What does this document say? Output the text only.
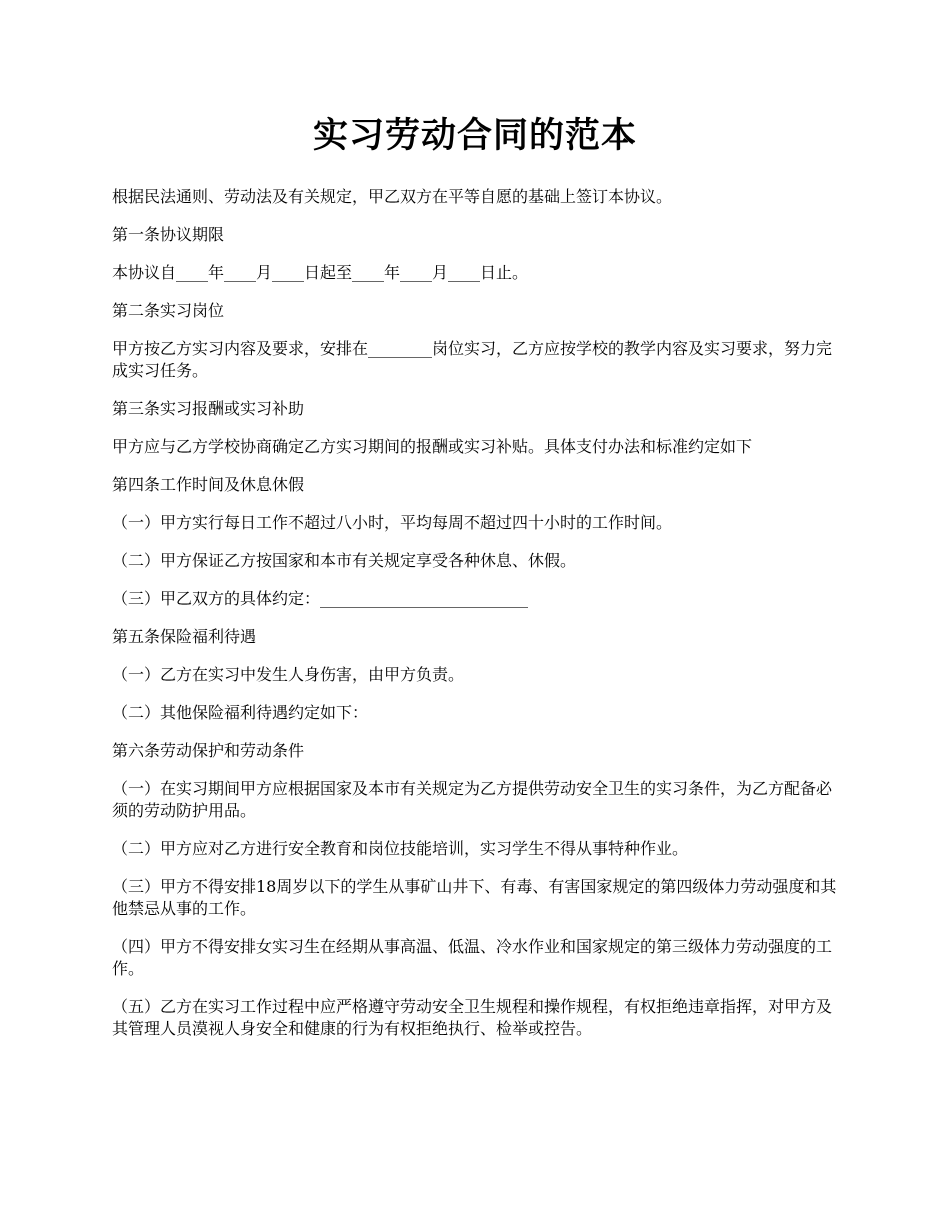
实习劳动合同的范本

根据民法通则、劳动法及有关规定，甲乙双方在平等自愿的基础上签订本协议。

第一条协议期限

本协议自____年____月____日起至____年____月____日止。

第二条实习岗位

甲方按乙方实习内容及要求，安排在________岗位实习，乙方应按学校的教学内容及实习要求，努力完成实习任务。

第三条实习报酬或实习补助

甲方应与乙方学校协商确定乙方实习期间的报酬或实习补贴。具体支付办法和标准约定如下

第四条工作时间及休息休假

（一）甲方实行每日工作不超过八小时，平均每周不超过四十小时的工作时间。

（二）甲方保证乙方按国家和本市有关规定享受各种休息、休假。

（三）甲乙双方的具体约定：__________________________

第五条保险福利待遇

（一）乙方在实习中发生人身伤害，由甲方负责。

（二）其他保险福利待遇约定如下：

第六条劳动保护和劳动条件

（一）在实习期间甲方应根据国家及本市有关规定为乙方提供劳动安全卫生的实习条件，为乙方配备必须的劳动防护用品。

（二）甲方应对乙方进行安全教育和岗位技能培训，实习学生不得从事特种作业。

（三）甲方不得安排18周岁以下的学生从事矿山井下、有毒、有害国家规定的第四级体力劳动强度和其他禁忌从事的工作。

（四）甲方不得安排女实习生在经期从事高温、低温、冷水作业和国家规定的第三级体力劳动强度的工作。

（五）乙方在实习工作过程中应严格遵守劳动安全卫生规程和操作规程，有权拒绝违章指挥，对甲方及其管理人员漠视人身安全和健康的行为有权拒绝执行、检举或控告。
